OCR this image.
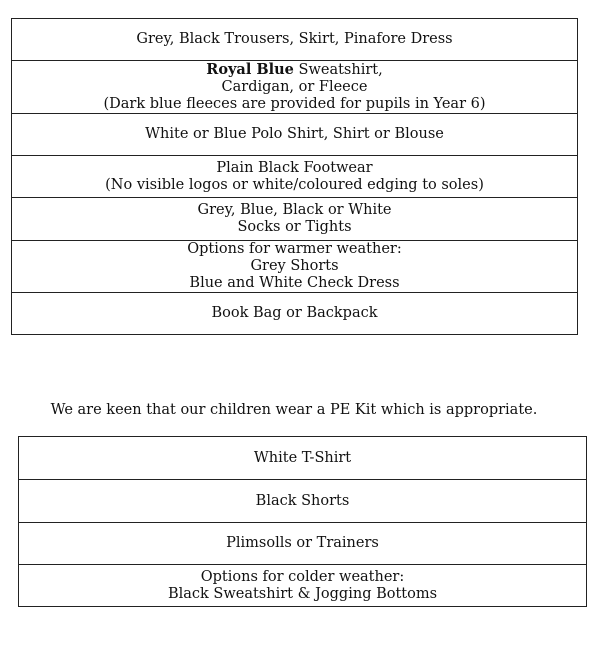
Grey, Black Trousers, Skirt, Pinafore Dress

Royal Blue Sweatshirt,
Cardigan, or Fleece
(Dark blue fleeces are provided for pupils in Year 6)

White or Blue Polo Shirt, Shirt or Blouse

Plain Black Footwear
(No visible logos or white/coloured edging to soles)

Grey, Blue, Black or White
Socks or Tights

Options for warmer weather:
Grey Shorts
Blue and White Check Dress

Book Bag or Backpack
We are keen that our children wear a PE Kit which is appropriate.
White T-Shirt

Black Shorts

Plimsolls or Trainers

Options for colder weather:
Black Sweatshirt & Jogging Bottoms
